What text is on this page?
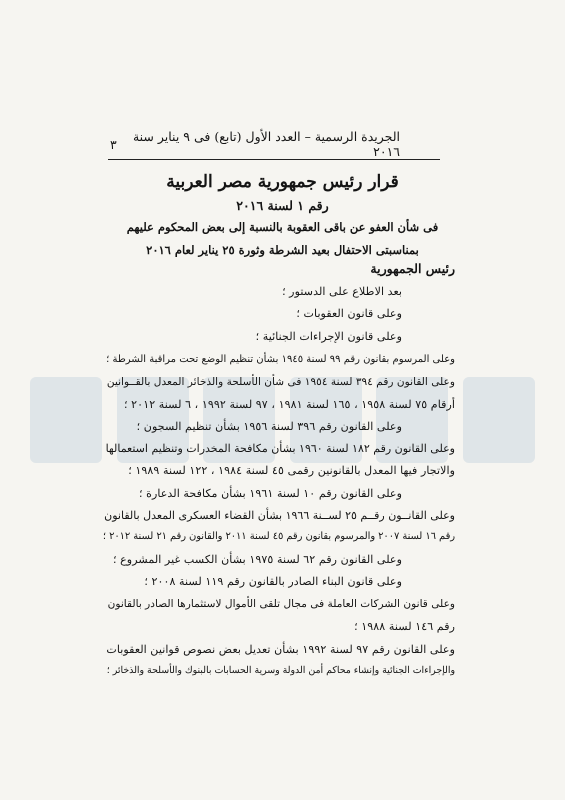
الجريدة الرسمية – العدد الأول (تابع) فى ٩ يناير سنة ٢٠١٦
٣
قرار رئيس جمهورية مصر العربية
رقم ١ لسنة ٢٠١٦
فى شأن العفو عن باقى العقوبة بالنسبة إلى بعض المحكوم عليهم
بمناسبتى الاحتفال بعيد الشرطة وثورة ٢٥ يناير لعام ٢٠١٦
رئيس الجمهورية
بعد الاطلاع على الدستور ؛
وعلى قانون العقوبات ؛
وعلى قانون الإجراءات الجنائية ؛
وعلى المرسوم بقانون رقم ٩٩ لسنة ١٩٤٥ بشأن تنظيم الوضع تحت مراقبة الشرطة ؛
وعلى القانون رقم ٣٩٤ لسنة ١٩٥٤ فى شأن الأسلحة والذخائر المعدل بالقــوانين
أرقام ٧٥ لسنة ١٩٥٨ ، ١٦٥ لسنة ١٩٨١ ، ٩٧ لسنة ١٩٩٢ ، ٦ لسنة ٢٠١٢ ؛
وعلى القانون رقم ٣٩٦ لسنة ١٩٥٦ بشأن تنظيم السجون ؛
وعلى القانون رقم ١٨٢ لسنة ١٩٦٠ بشأن مكافحة المخدرات وتنظيم استعمالها
والاتجار فيها المعدل بالقانونين رقمى ٤٥ لسنة ١٩٨٤ ، ١٢٢ لسنة ١٩٨٩ ؛
وعلى القانون رقم ١٠ لسنة ١٩٦١ بشأن مكافحة الدعارة ؛
وعلى القانــون رقــم ٢٥ لســنة ١٩٦٦ بشأن القضاء العسكرى المعدل بالقانون
رقم ١٦ لسنة ٢٠٠٧ والمرسوم بقانون رقم ٤٥ لسنة ٢٠١١ والقانون رقم ٢١ لسنة ٢٠١٢ ؛
وعلى القانون رقم ٦٢ لسنة ١٩٧٥ بشأن الكسب غير المشروع ؛
وعلى قانون البناء الصادر بالقانون رقم ١١٩ لسنة ٢٠٠٨ ؛
وعلى قانون الشركات العاملة فى مجال تلقى الأموال لاستثمارها الصادر بالقانون
رقم ١٤٦ لسنة ١٩٨٨ ؛
وعلى القانون رقم ٩٧ لسنة ١٩٩٢ بشأن تعديل بعض نصوص قوانين العقوبات
والإجراءات الجنائية وإنشاء محاكم أمن الدولة وسرية الحسابات بالبنوك والأسلحة والذخائر ؛
